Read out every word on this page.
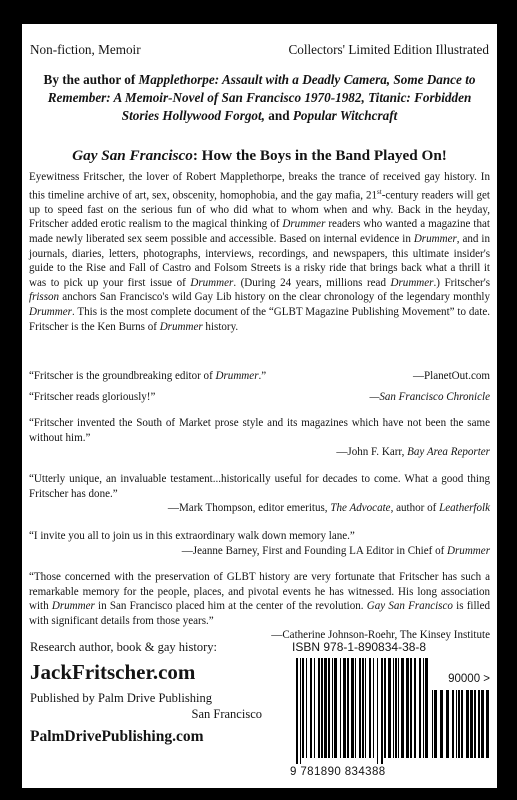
Non-fiction, Memoir	Collectors' Limited Edition Illustrated
By the author of Mapplethorpe: Assault with a Deadly Camera, Some Dance to Remember: A Memoir-Novel of San Francisco 1970-1982, Titanic: Forbidden Stories Hollywood Forgot, and Popular Witchcraft
Gay San Francisco: How the Boys in the Band Played On!
Eyewitness Fritscher, the lover of Robert Mapplethorpe, breaks the trance of received gay history. In this timeline archive of art, sex, obscenity, homophobia, and the gay mafia, 21st-century readers will get up to speed fast on the serious fun of who did what to whom when and why. Back in the heyday, Fritscher added erotic realism to the magical thinking of Drummer readers who wanted a magazine that made newly liberated sex seem possible and accessible. Based on internal evidence in Drummer, and in journals, diaries, letters, photographs, interviews, recordings, and newspapers, this ultimate insider's guide to the Rise and Fall of Castro and Folsom Streets is a risky ride that brings back what a thrill it was to pick up your first issue of Drummer. (During 24 years, millions read Drummer.) Fritscher's frisson anchors San Francisco's wild Gay Lib history on the clear chronology of the legendary monthly Drummer. This is the most complete document of the “GLBT Magazine Publishing Movement” to date. Fritscher is the Ken Burns of Drummer history.
“Fritscher is the groundbreaking editor of Drummer.”	—PlanetOut.com
“Fritscher reads gloriously!”	—San Francisco Chronicle
“Fritscher invented the South of Market prose style and its magazines which have not been the same without him.”
—John F. Karr, Bay Area Reporter
“Utterly unique, an invaluable testament...historically useful for decades to come. What a good thing Fritscher has done.”
—Mark Thompson, editor emeritus, The Advocate, author of Leatherfolk
“I invite you all to join us in this extraordinary walk down memory lane.”
—Jeanne Barney, First and Founding LA Editor in Chief of Drummer
“Those concerned with the preservation of GLBT history are very fortunate that Fritscher has such a remarkable memory for the people, places, and pivotal events he has witnessed. His long association with Drummer in San Francisco placed him at the center of the revolution. Gay San Francisco is filled with significant details from those years.”
—Catherine Johnson-Roehr, The Kinsey Institute
Research author, book & gay history:
JackFritscher.com
Published by Palm Drive Publishing
San Francisco
PalmDrivePublishing.com
ISBN 978-1-890834-38-8
90000 >
9 781890 834388
